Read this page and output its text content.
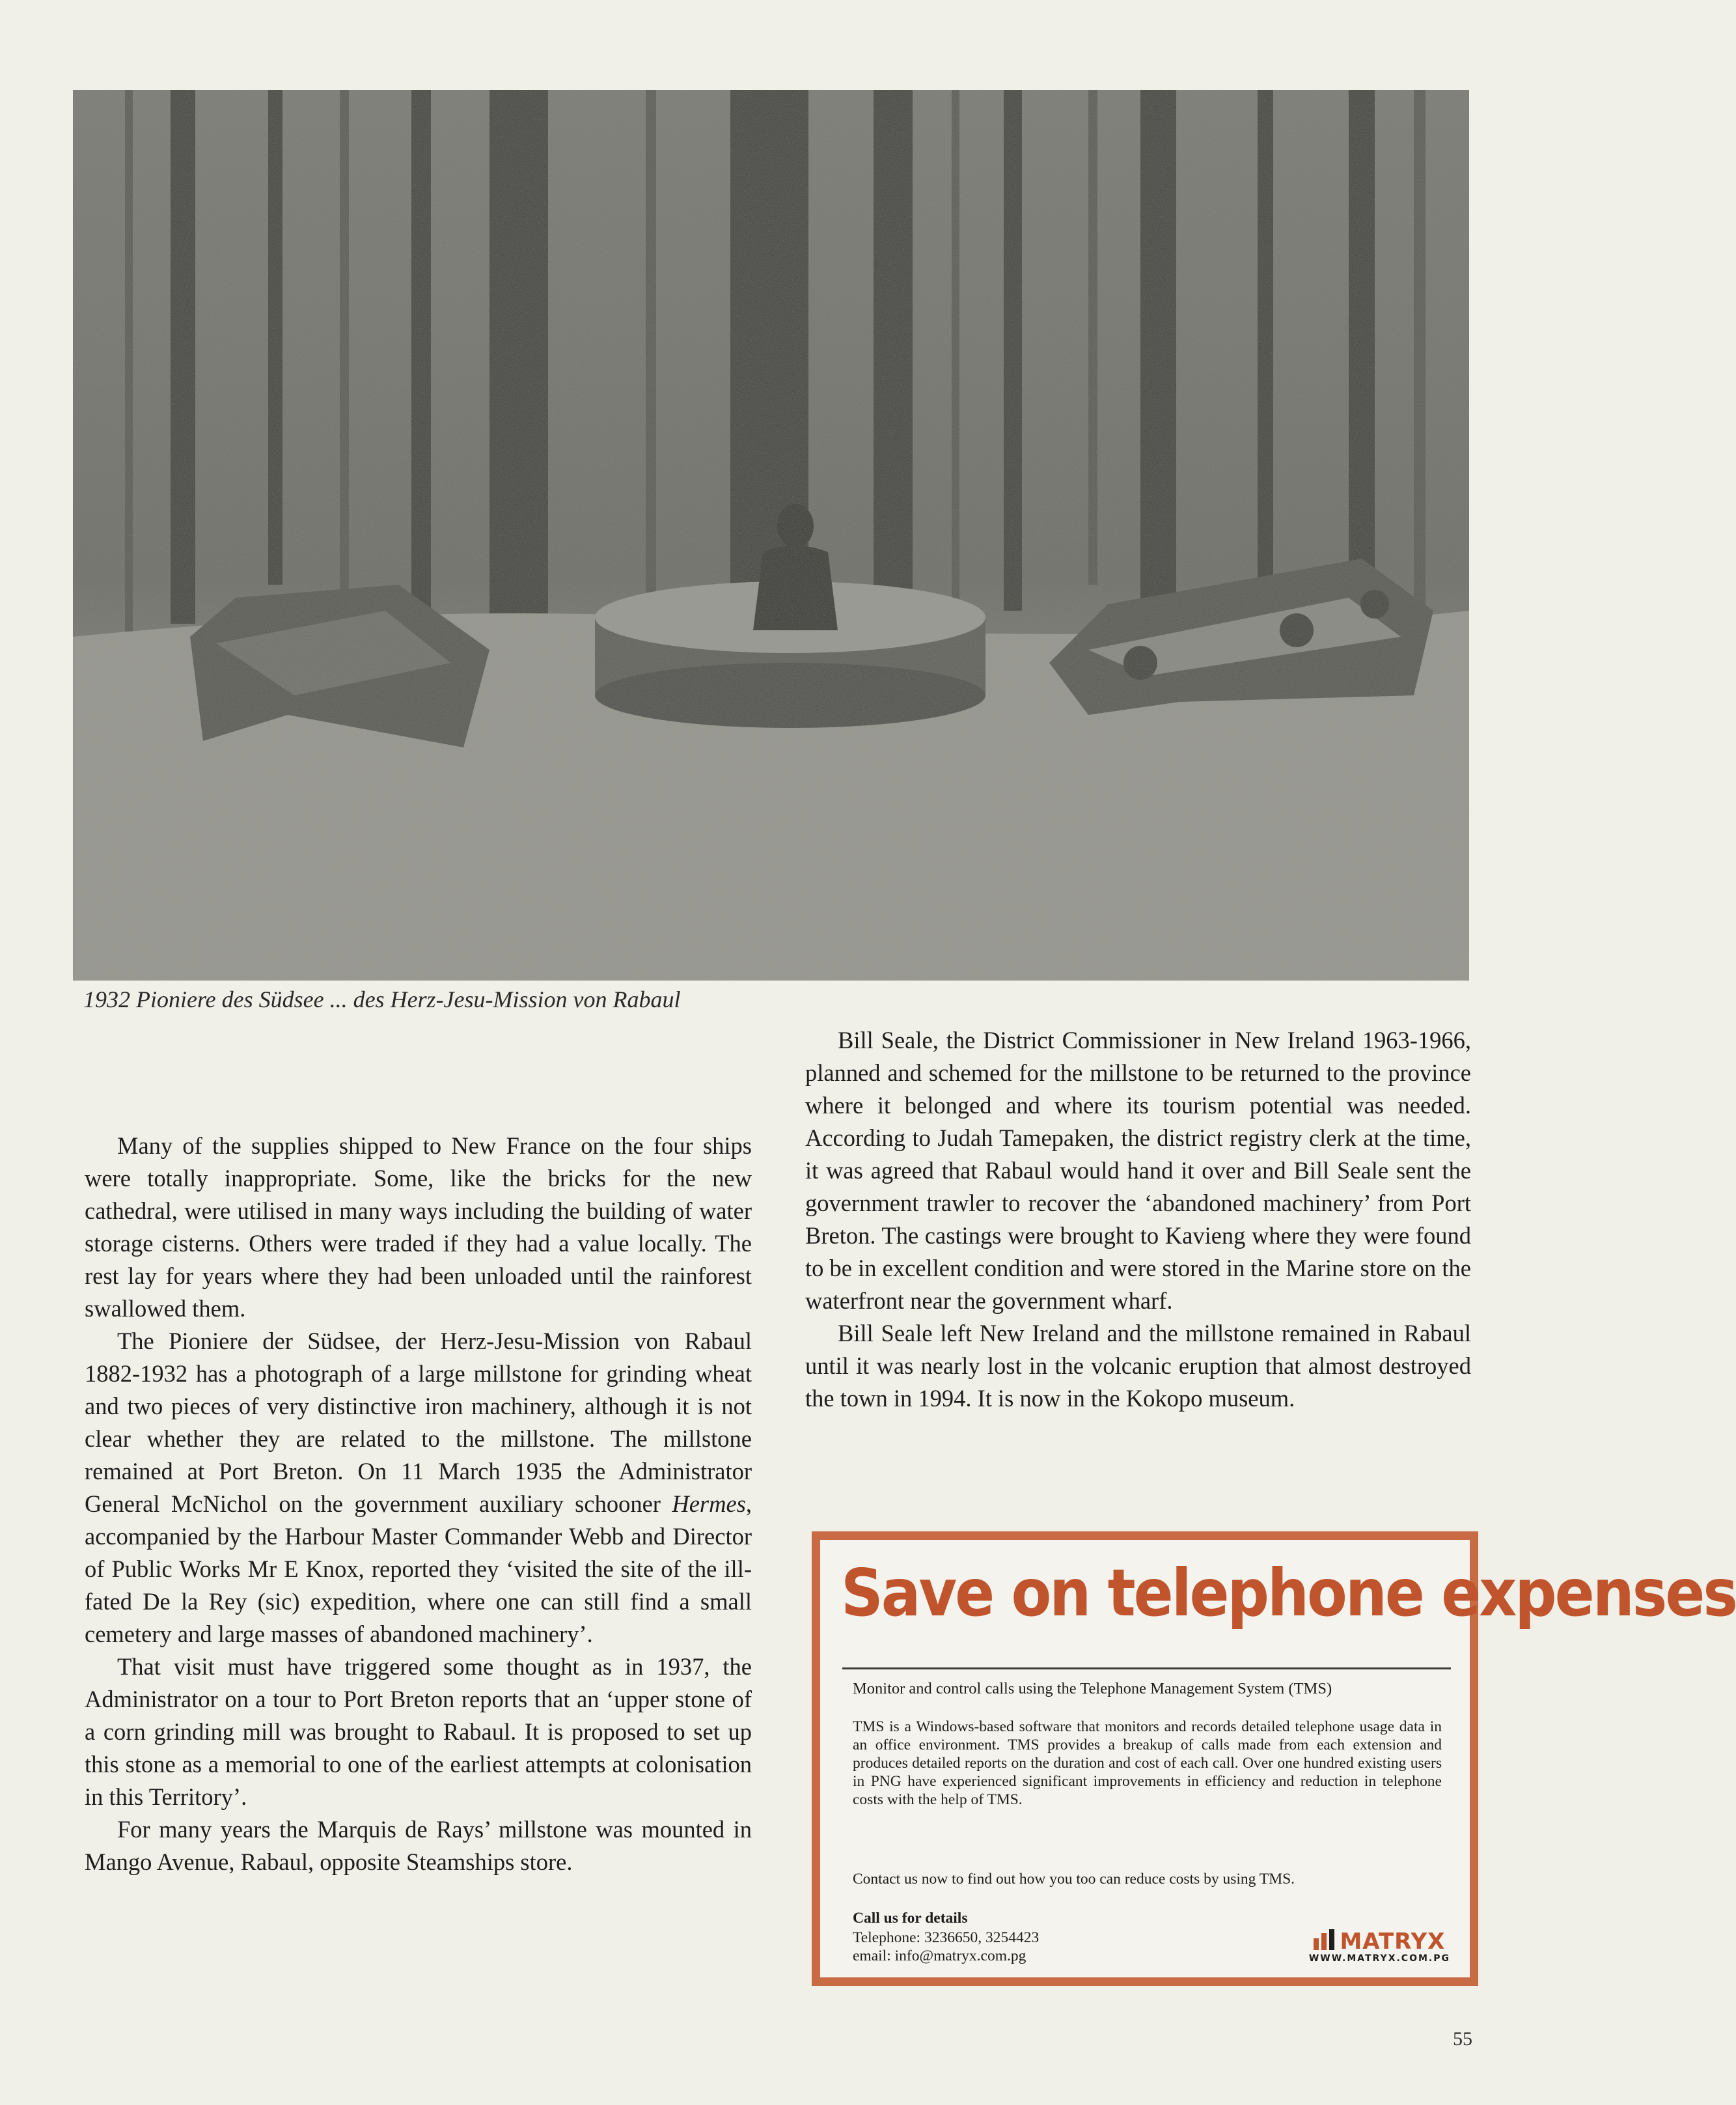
1932 Pioniere des Südsee ... des Herz-Jesu-Mission von Rabaul

Many of the supplies shipped to New France on the four ships were totally inappropriate. Some, like the bricks for the new cathedral, were utilised in many ways including the building of water storage cisterns. Others were traded if they had a value locally. The rest lay for years where they had been unloaded until the rainforest swallowed them.

The Pioniere der Südsee, der Herz-Jesu-Mission von Rabaul 1882-1932 has a photograph of a large millstone for grinding wheat and two pieces of very distinctive iron machinery, although it is not clear whether they are related to the millstone. The millstone remained at Port Breton. On 11 March 1935 the Administrator General McNichol on the government auxiliary schooner Hermes, accompanied by the Harbour Master Commander Webb and Director of Public Works Mr E Knox, reported they ‘visited the site of the ill-fated De la Rey (sic) expedition, where one can still find a small cemetery and large masses of abandoned machinery’.

That visit must have triggered some thought as in 1937, the Administrator on a tour to Port Breton reports that an ‘upper stone of a corn grinding mill was brought to Rabaul. It is proposed to set up this stone as a memorial to one of the earliest attempts at colonisation in this Territory’.

For many years the Marquis de Rays’ millstone was mounted in Mango Avenue, Rabaul, opposite Steamships store.

Bill Seale, the District Commissioner in New Ireland 1963-1966, planned and schemed for the millstone to be returned to the province where it belonged and where its tourism potential was needed. According to Judah Tamepaken, the district registry clerk at the time, it was agreed that Rabaul would hand it over and Bill Seale sent the government trawler to recover the ‘abandoned machinery’ from Port Breton. The castings were brought to Kavieng where they were found to be in excellent condition and were stored in the Marine store on the waterfront near the government wharf.

Bill Seale left New Ireland and the millstone remained in Rabaul until it was nearly lost in the volcanic eruption that almost destroyed the town in 1994. It is now in the Kokopo museum.

Save on telephone expenses
Monitor and control calls using the Telephone Management System (TMS)
TMS is a Windows-based software that monitors and records detailed telephone usage data in an office environment. TMS provides a breakup of calls made from each extension and produces detailed reports on the duration and cost of each call. Over one hundred existing users in PNG have experienced significant improvements in efficiency and reduction in telephone costs with the help of TMS.
Contact us now to find out how you too can reduce costs by using TMS.
Call us for details
Telephone: 3236650, 3254423
email: info@matryx.com.pg
MATRYX
WWW.MATRYX.COM.PG
55
